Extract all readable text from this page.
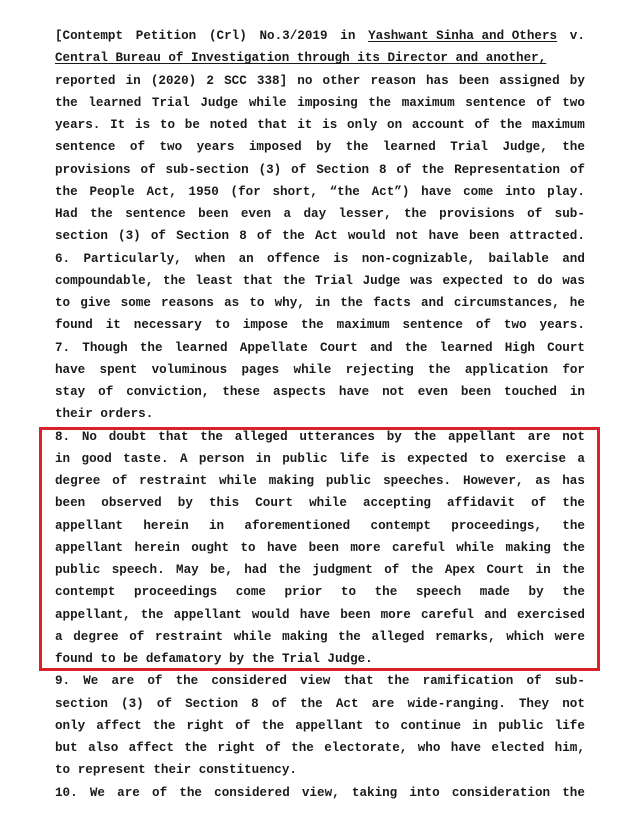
[Contempt Petition (Crl) No.3/2019 in Yashwant Sinha and Others v.
Central Bureau of Investigation through its Director and another,
reported in (2020) 2 SCC 338] no other reason has been assigned by
the learned Trial Judge while imposing the maximum sentence of two
years. It is to be noted that it is only on account of the maximum
sentence of two years imposed by the learned Trial Judge, the
provisions of sub-section (3) of Section 8 of the Representation of
the People Act, 1950 (for short, “the Act”) have come into play.
Had the sentence been even a day lesser, the provisions of sub-
section (3) of Section 8 of the Act would not have been attracted.
6. Particularly, when an offence is non-cognizable, bailable and
compoundable, the least that the Trial Judge was expected to do was
to give some reasons as to why, in the facts and circumstances, he
found it necessary to impose the maximum sentence of two years.
7. Though the learned Appellate Court and the learned High Court
have spent voluminous pages while rejecting the application for
stay of conviction, these aspects have not even been touched in
their orders.
8. No doubt that the alleged utterances by the appellant are not
in good taste. A person in public life is expected to exercise a
degree of restraint while making public speeches. However, as has
been observed by this Court while accepting affidavit of the
appellant herein in aforementioned contempt proceedings, the
appellant herein ought to have been more careful while making the
public speech. May be, had the judgment of the Apex Court in the
contempt proceedings come prior to the speech made by the
appellant, the appellant would have been more careful and exercised
a degree of restraint while making the alleged remarks, which were
found to be defamatory by the Trial Judge.
9. We are of the considered view that the ramification of sub-
section (3) of Section 8 of the Act are wide-ranging. They not
only affect the right of the appellant to continue in public life
but also affect the right of the electorate, who have elected him,
to represent their constituency.
10. We are of the considered view, taking into consideration the
